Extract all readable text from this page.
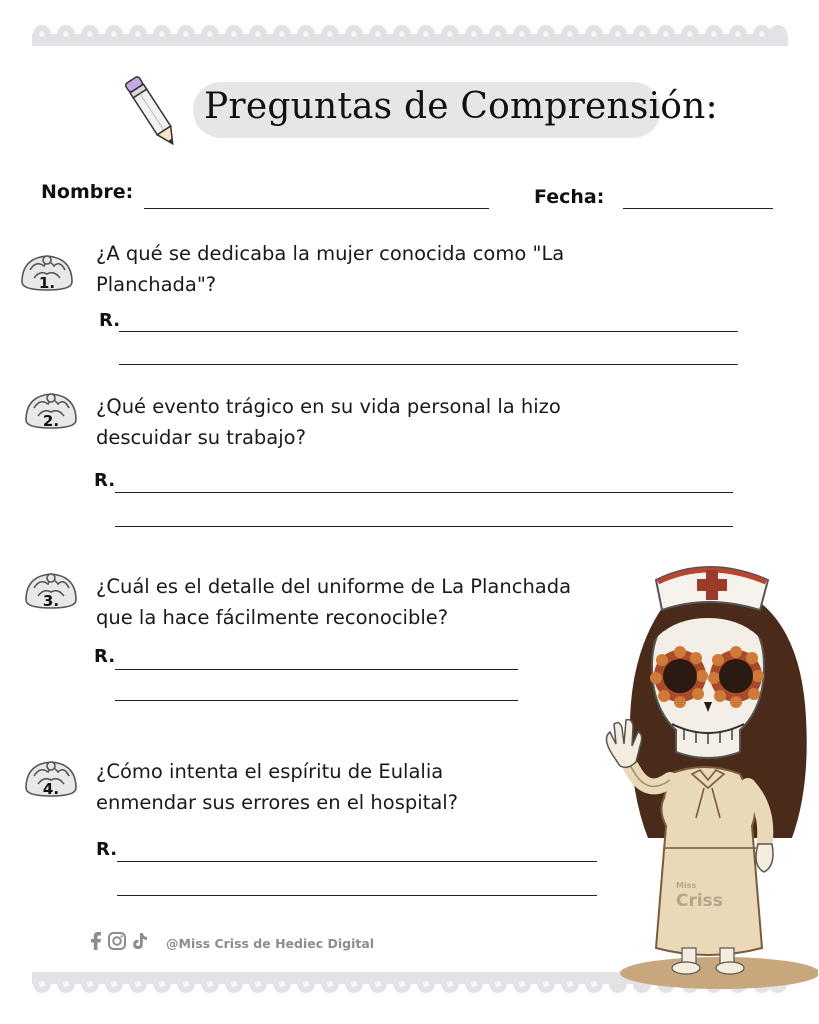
Preguntas de Comprensión:
Nombre:	Fecha:
1.
¿A qué se dedicaba la mujer conocida como "La
Planchada"?
R.
2.
¿Qué evento trágico en su vida personal la hizo
descuidar su trabajo?
R.
3.
¿Cuál es el detalle del uniforme de La Planchada
que la hace fácilmente reconocible?
R.
4.
¿Cómo intenta el espíritu de Eulalia
enmendar sus errores en el hospital?
R.
@Miss Criss de Hediec Digital
Miss
Criss
